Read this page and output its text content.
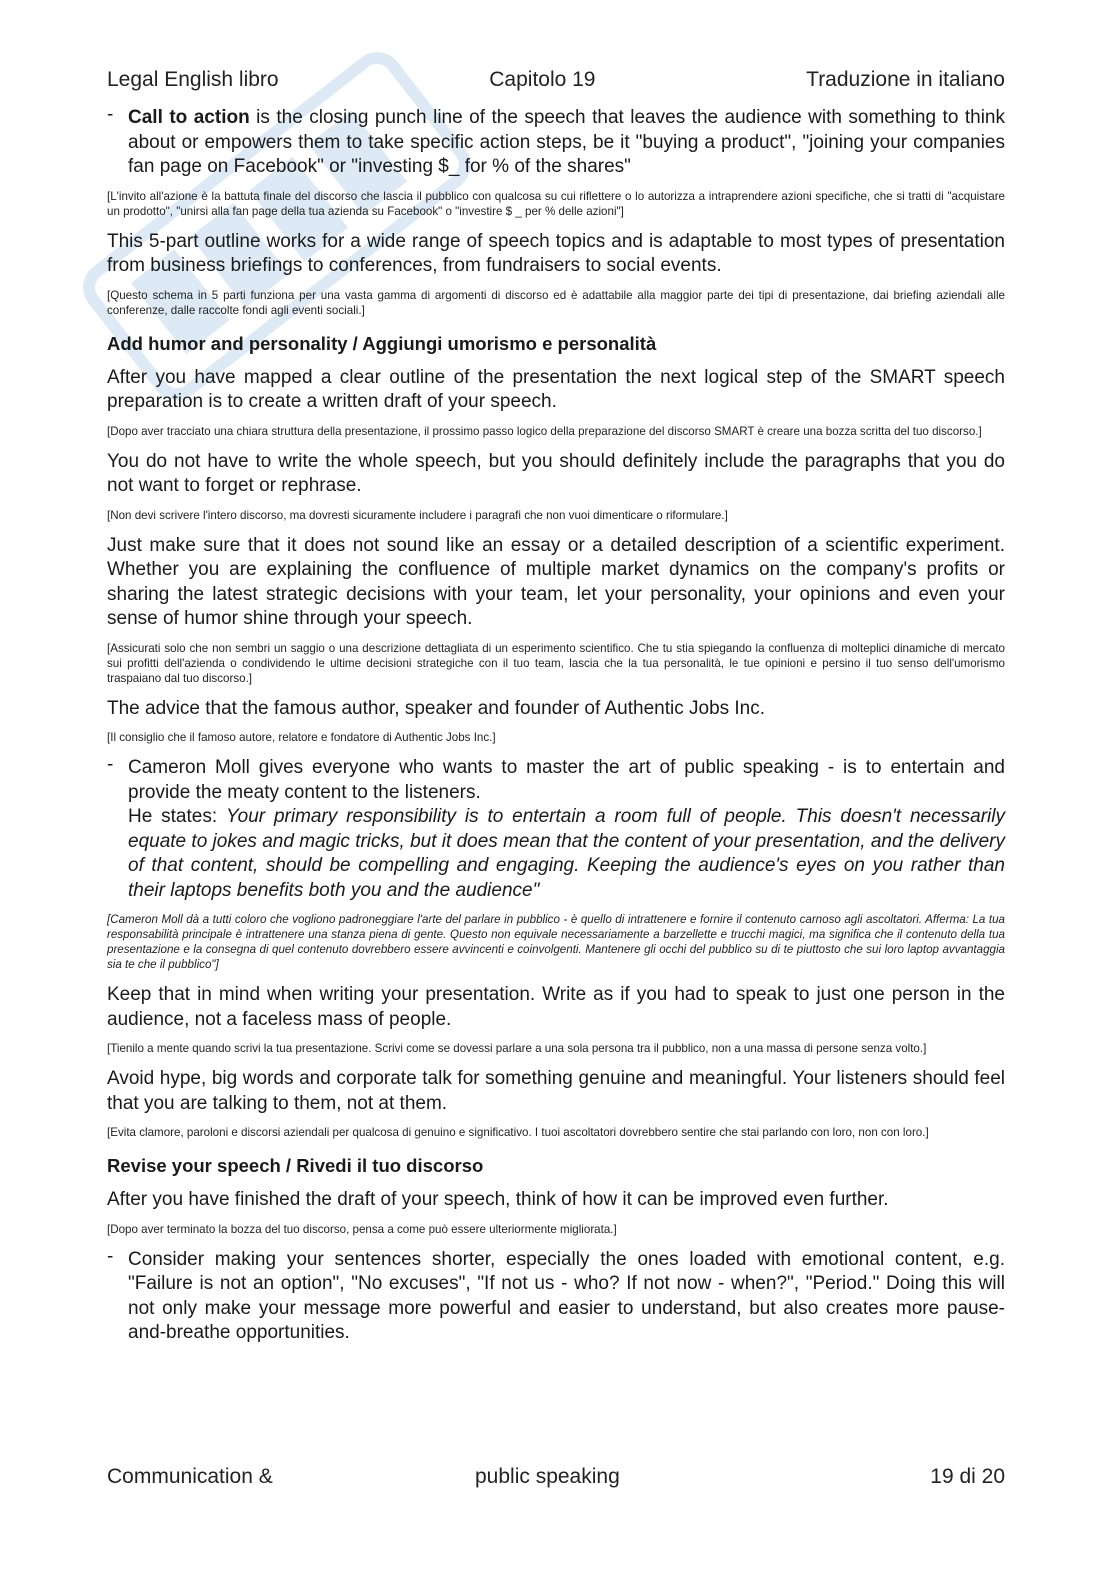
Legal English libro	Capitolo 19	Traduzione in italiano
- Call to action is the closing punch line of the speech that leaves the audience with something to think about or empowers them to take specific action steps, be it "buying a product", "joining your companies fan page on Facebook" or "investing $_ for % of the shares"

[L'invito all'azione è la battuta finale del discorso che lascia il pubblico con qualcosa su cui riflettere o lo autorizza a intraprendere azioni specifiche, che si tratti di "acquistare un prodotto", "unirsi alla fan page della tua azienda su Facebook" o "investire $ _ per % delle azioni"]

This 5-part outline works for a wide range of speech topics and is adaptable to most types of presentation from business briefings to conferences, from fundraisers to social events.

[Questo schema in 5 parti funziona per una vasta gamma di argomenti di discorso ed è adattabile alla maggior parte dei tipi di presentazione, dai briefing aziendali alle conferenze, dalle raccolte fondi agli eventi sociali.]

Add humor and personality / Aggiungi umorismo e personalità

After you have mapped a clear outline of the presentation the next logical step of the SMART speech preparation is to create a written draft of your speech.

[Dopo aver tracciato una chiara struttura della presentazione, il prossimo passo logico della preparazione del discorso SMART è creare una bozza scritta del tuo discorso.]

You do not have to write the whole speech, but you should definitely include the paragraphs that you do not want to forget or rephrase.

[Non devi scrivere l'intero discorso, ma dovresti sicuramente includere i paragrafi che non vuoi dimenticare o riformulare.]

Just make sure that it does not sound like an essay or a detailed description of a scientific experiment. Whether you are explaining the confluence of multiple market dynamics on the company's profits or sharing the latest strategic decisions with your team, let your personality, your opinions and even your sense of humor shine through your speech.

[Assicurati solo che non sembri un saggio o una descrizione dettagliata di un esperimento scientifico. Che tu stia spiegando la confluenza di molteplici dinamiche di mercato sui profitti dell'azienda o condividendo le ultime decisioni strategiche con il tuo team, lascia che la tua personalità, le tue opinioni e persino il tuo senso dell'umorismo traspaiano dal tuo discorso.]

The advice that the famous author, speaker and founder of Authentic Jobs Inc.

[Il consiglio che il famoso autore, relatore e fondatore di Authentic Jobs Inc.]

- Cameron Moll gives everyone who wants to master the art of public speaking - is to entertain and provide the meaty content to the listeners.

He states: Your primary responsibility is to entertain a room full of people. This doesn't necessarily equate to jokes and magic tricks, but it does mean that the content of your presentation, and the delivery of that content, should be compelling and engaging. Keeping the audience's eyes on you rather than their laptops benefits both you and the audience"

[Cameron Moll dà a tutti coloro che vogliono padroneggiare l'arte del parlare in pubblico - è quello di intrattenere e fornire il contenuto carnoso agli ascoltatori. Afferma: La tua responsabilità principale è intrattenere una stanza piena di gente. Questo non equivale necessariamente a barzellette e trucchi magici, ma significa che il contenuto della tua presentazione e la consegna di quel contenuto dovrebbero essere avvincenti e coinvolgenti. Mantenere gli occhi del pubblico su di te piuttosto che sui loro laptop avvantaggia sia te che il pubblico"]

Keep that in mind when writing your presentation. Write as if you had to speak to just one person in the audience, not a faceless mass of people.

[Tienilo a mente quando scrivi la tua presentazione. Scrivi come se dovessi parlare a una sola persona tra il pubblico, non a una massa di persone senza volto.]

Avoid hype, big words and corporate talk for something genuine and meaningful. Your listeners should feel that you are talking to them, not at them.

[Evita clamore, paroloni e discorsi aziendali per qualcosa di genuino e significativo. I tuoi ascoltatori dovrebbero sentire che stai parlando con loro, non con loro.]

Revise your speech / Rivedi il tuo discorso

After you have finished the draft of your speech, think of how it can be improved even further.

[Dopo aver terminato la bozza del tuo discorso, pensa a come può essere ulteriormente migliorata.]

- Consider making your sentences shorter, especially the ones loaded with emotional content, e.g. "Failure is not an option", "No excuses", "If not us - who? If not now - when?", "Period." Doing this will not only make your message more powerful and easier to understand, but also creates more pause-and-breathe opportunities.

Communication &	public speaking	19 di 20
